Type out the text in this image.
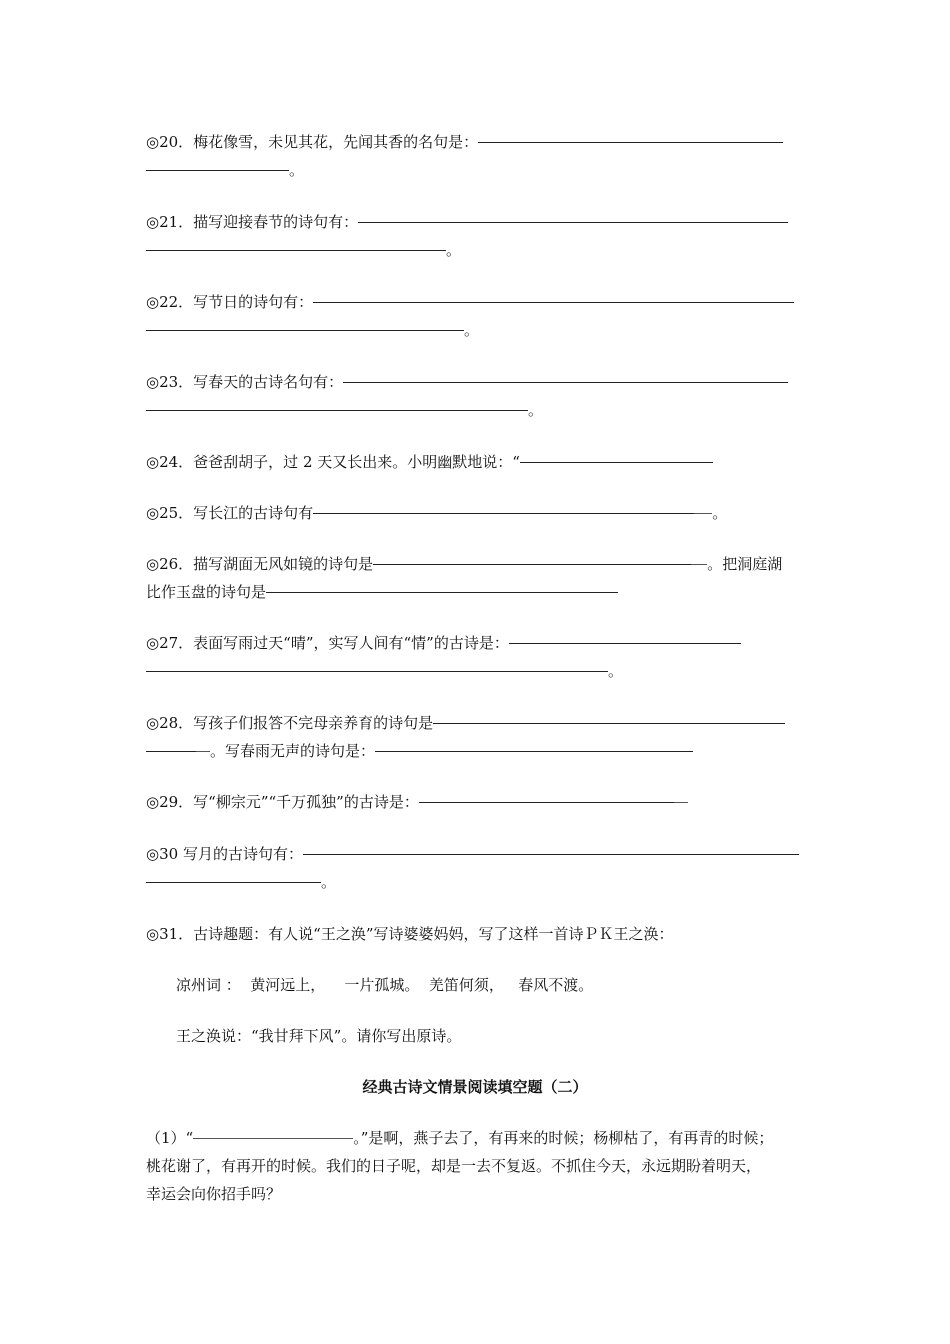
◎20．梅花像雪，未见其花，先闻其香的名句是：
。
◎21．描写迎接春节的诗句有：
。
◎22．写节日的诗句有：
。
◎23．写春天的古诗名句有：
。
◎24．爸爸刮胡子，过 2 天又长出来。小明幽默地说：“
◎25．写长江的古诗句有	。
◎26．描写湖面无风如镜的诗句是	。把洞庭湖
比作玉盘的诗句是
◎27．表面写雨过天“晴”，实写人间有“情”的古诗是：
。
◎28．写孩子们报答不完母亲养育的诗句是
。写春雨无声的诗句是：
◎29．写“柳宗元”“千万孤独”的古诗是：
◎30 写月的古诗句有：
。
◎31．古诗趣题：有人说“王之涣”写诗婆婆妈妈，写了这样一首诗ＰＫ王之涣：
凉州词 ：  黄河远上，    一片孤城。  羌笛何须，   春风不渡。
王之涣说：“我甘拜下风”。请你写出原诗。
经典古诗文情景阅读填空题（二）
（1）“	。”是啊，燕子去了，有再来的时候；杨柳枯了，有再青的时候；
桃花谢了，有再开的时候。我们的日子呢，却是一去不复返。不抓住今天，永远期盼着明天，
幸运会向你招手吗？
